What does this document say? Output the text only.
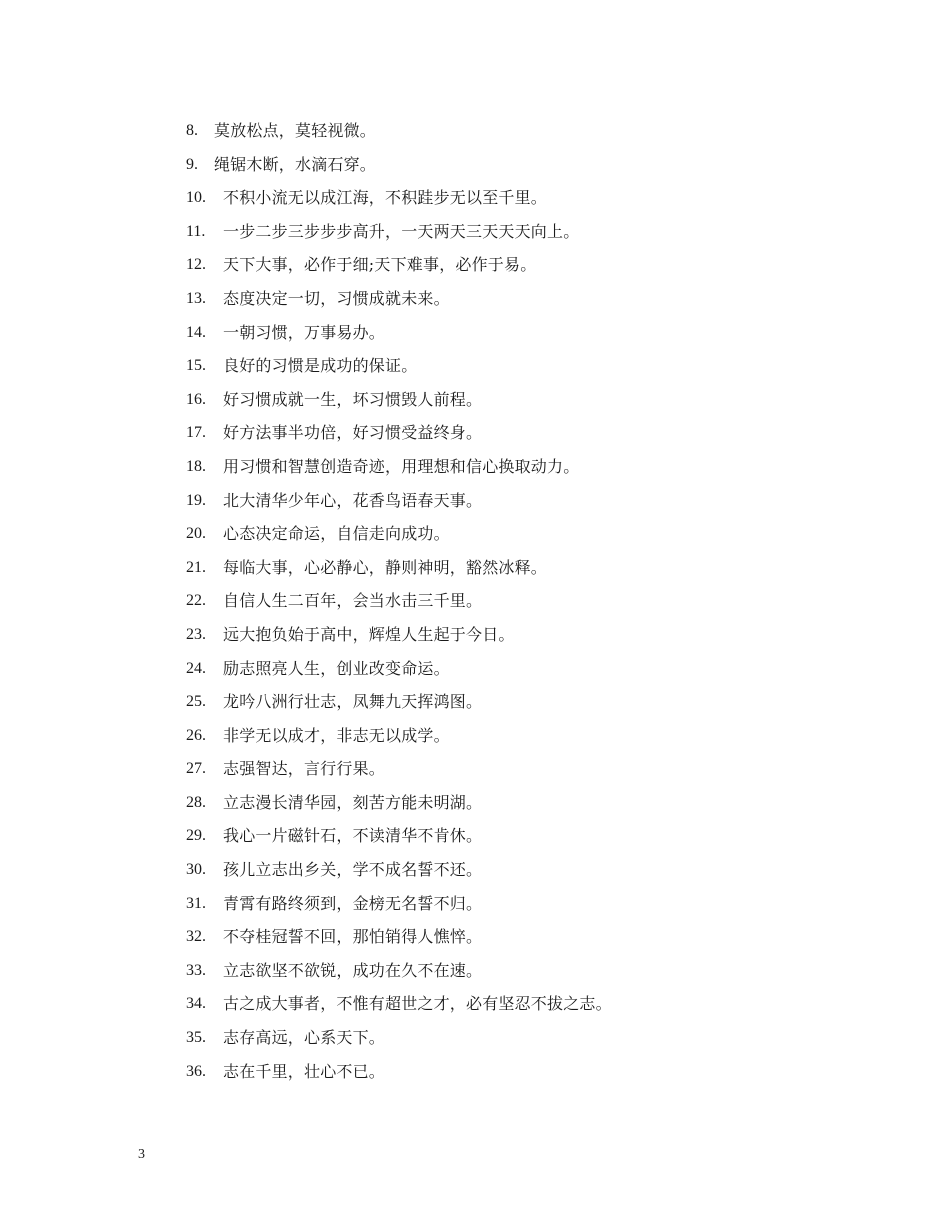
8.	莫放松点，莫轻视微。
9.	绳锯木断，水滴石穿。
10.	不积小流无以成江海，不积跬步无以至千里。
11.	一步二步三步步步高升，一天两天三天天天向上。
12.	天下大事，必作于细;天下难事，必作于易。
13.	态度决定一切，习惯成就未来。
14.	一朝习惯，万事易办。
15.	良好的习惯是成功的保证。
16.	好习惯成就一生，坏习惯毁人前程。
17.	好方法事半功倍，好习惯受益终身。
18.	用习惯和智慧创造奇迹，用理想和信心换取动力。
19.	北大清华少年心，花香鸟语春天事。
20.	心态决定命运，自信走向成功。
21.	每临大事，心必静心，静则神明，豁然冰释。
22.	自信人生二百年，会当水击三千里。
23.	远大抱负始于高中，辉煌人生起于今日。
24.	励志照亮人生，创业改变命运。
25.	龙吟八洲行壮志，凤舞九天挥鸿图。
26.	非学无以成才，非志无以成学。
27.	志强智达，言行行果。
28.	立志漫长清华园，刻苦方能未明湖。
29.	我心一片磁针石，不读清华不肯休。
30.	孩儿立志出乡关，学不成名誓不还。
31.	青霄有路终须到，金榜无名誓不归。
32.	不夺桂冠誓不回，那怕销得人憔悴。
33.	立志欲坚不欲锐，成功在久不在速。
34.	古之成大事者，不惟有超世之才，必有坚忍不拔之志。
35.	志存高远，心系天下。
36.	志在千里，壮心不已。
3
